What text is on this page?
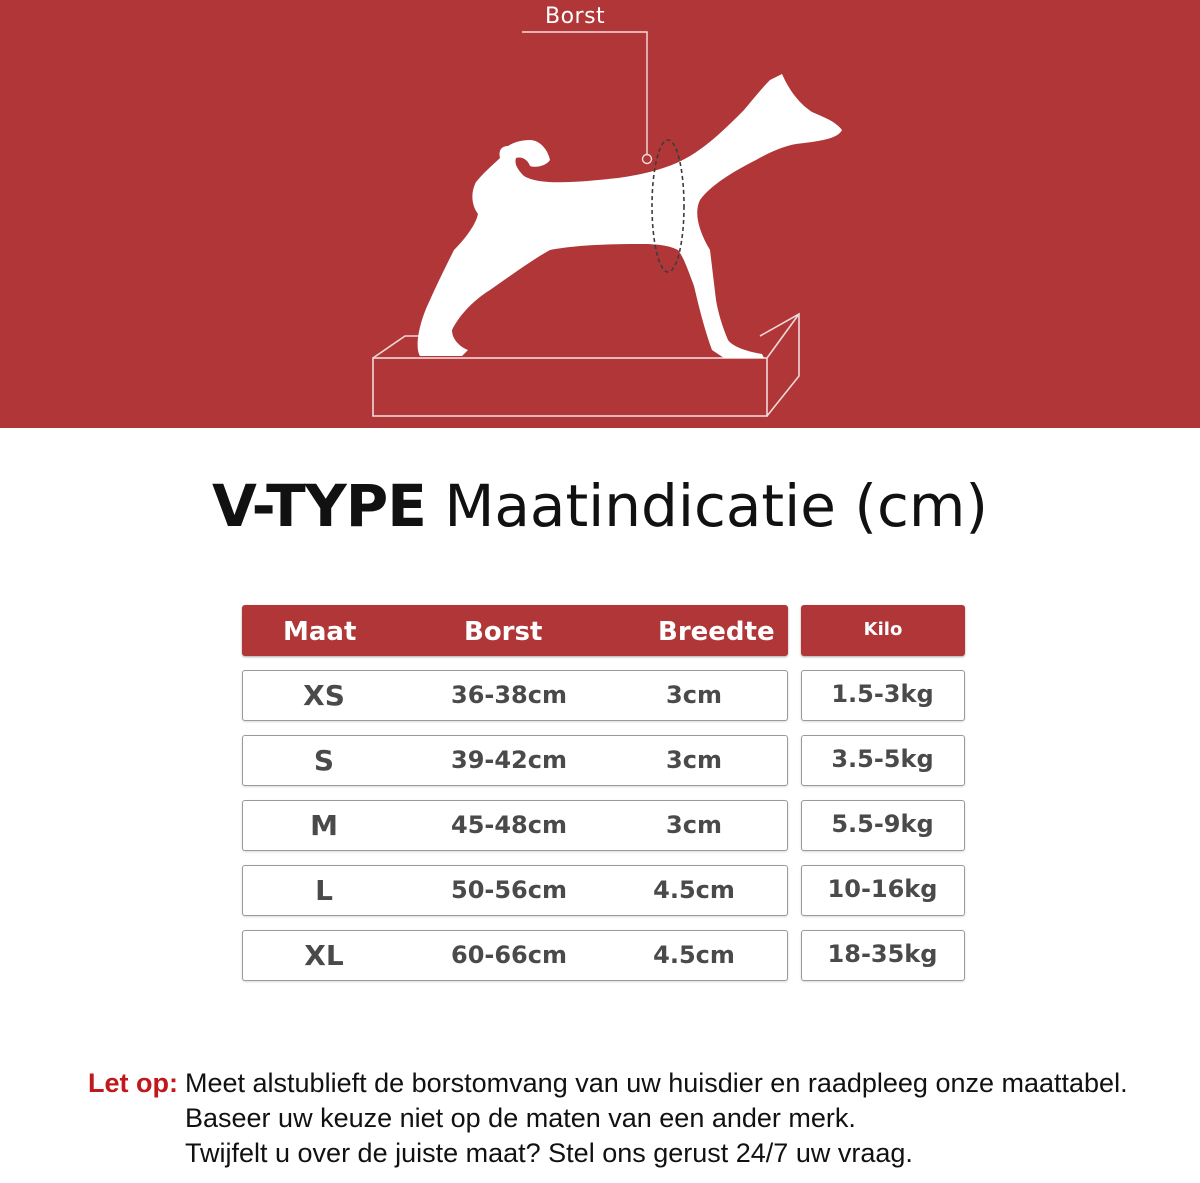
Borst
V-TYPE Maatindicatie (cm)
Maat	Borst	Breedte	Kilo
XS	36-38cm	3cm	1.5-3kg
S	39-42cm	3cm	3.5-5kg
M	45-48cm	3cm	5.5-9kg
L	50-56cm	4.5cm	10-16kg
XL	60-66cm	4.5cm	18-35kg
Let op: Meet alstublieft de borstomvang van uw huisdier en raadpleeg onze maattabel.
Baseer uw keuze niet op de maten van een ander merk.
Twijfelt u over de juiste maat? Stel ons gerust 24/7 uw vraag.
